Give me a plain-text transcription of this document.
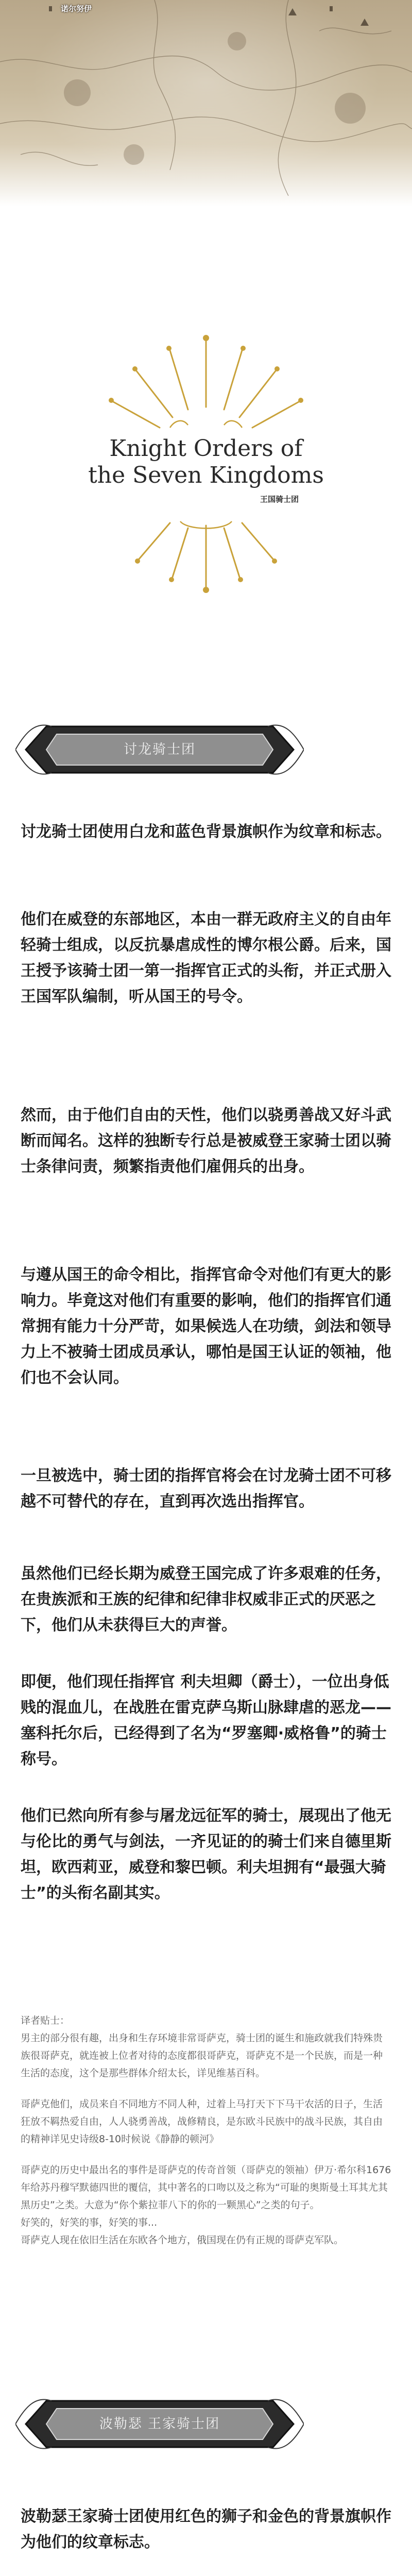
诺尔努伊
Knight Orders of
the Seven Kingdoms
王国骑士团
讨龙骑士团

讨龙骑士团使用白龙和蓝色背景旗帜作为纹章和标志。

他们在威登的东部地区，本由一群无政府主义的自由年轻骑士组成，以反抗暴虐成性的博尔根公爵。后来，国王授予该骑士团一第一指挥官正式的头衔，并正式册入王国军队编制，听从国王的号令。

然而，由于他们自由的天性，他们以骁勇善战又好斗武断而闻名。这样的独断专行总是被威登王家骑士团以骑士条律问责，频繁指责他们雇佣兵的出身。

与遵从国王的命令相比，指挥官命令对他们有更大的影响力。毕竟这对他们有重要的影响，他们的指挥官们通常拥有能力十分严苛，如果候选人在功绩，剑法和领导力上不被骑士团成员承认，哪怕是国王认证的领袖，他们也不会认同。

一旦被选中，骑士团的指挥官将会在讨龙骑士团不可移越不可替代的存在，直到再次选出指挥官。

虽然他们已经长期为威登王国完成了许多艰难的任务，在贵族派和王族的纪律和纪律非权威非正式的厌恶之下，他们从未获得巨大的声誉。

即便，他们现任指挥官 利夫坦卿（爵士），一位出身低贱的混血儿，在战胜在雷克萨乌斯山脉肆虐的恶龙——塞科托尔后，已经得到了名为“罗塞卿·威格鲁”的骑士称号。

他们已然向所有参与屠龙远征军的骑士，展现出了他无与伦比的勇气与剑法，一齐见证的的骑士们来自德里斯坦，欧西莉亚，威登和黎巴顿。利夫坦拥有“最强大骑士”的头衔名副其实。

译者贴士：
男主的部分很有趣，出身和生存环境非常哥萨克，骑士团的诞生和施政就我们特殊贵族很哥萨克，就连被上位者对待的态度都很哥萨克，哥萨克不是一个民族，而是一种生活的态度，这个是那些群体介绍太长，详见维基百科。
哥萨克他们，成员来自不同地方不同人种，过着上马打天下下马干农活的日子，生活狂放不羁热爱自由，人人骁勇善战，战修精良，是东欧斗民族中的战斗民族，其自由的精神详见史诗级8-10时候说《静静的顿河》
哥萨克的历史中最出名的事件是哥萨克的传奇首领（哥萨克的领袖）伊万·希尔科1676年给苏丹穆罕默德四世的覆信，其中著名的口吻以及之称为“可耻的奥斯曼土耳其尤其黑历史”之类。大意为“你个紫拉菲八下的你的一颗黑心”之类的句子。
好笑的，好笑的事，好笑的事...
哥萨克人现在依旧生活在东欧各个地方，俄国现在仍有正规的哥萨克军队。
波勒瑟 王家骑士团

波勒瑟王家骑士团使用红色的狮子和金色的背景旗帜作为他们的纹章标志。
